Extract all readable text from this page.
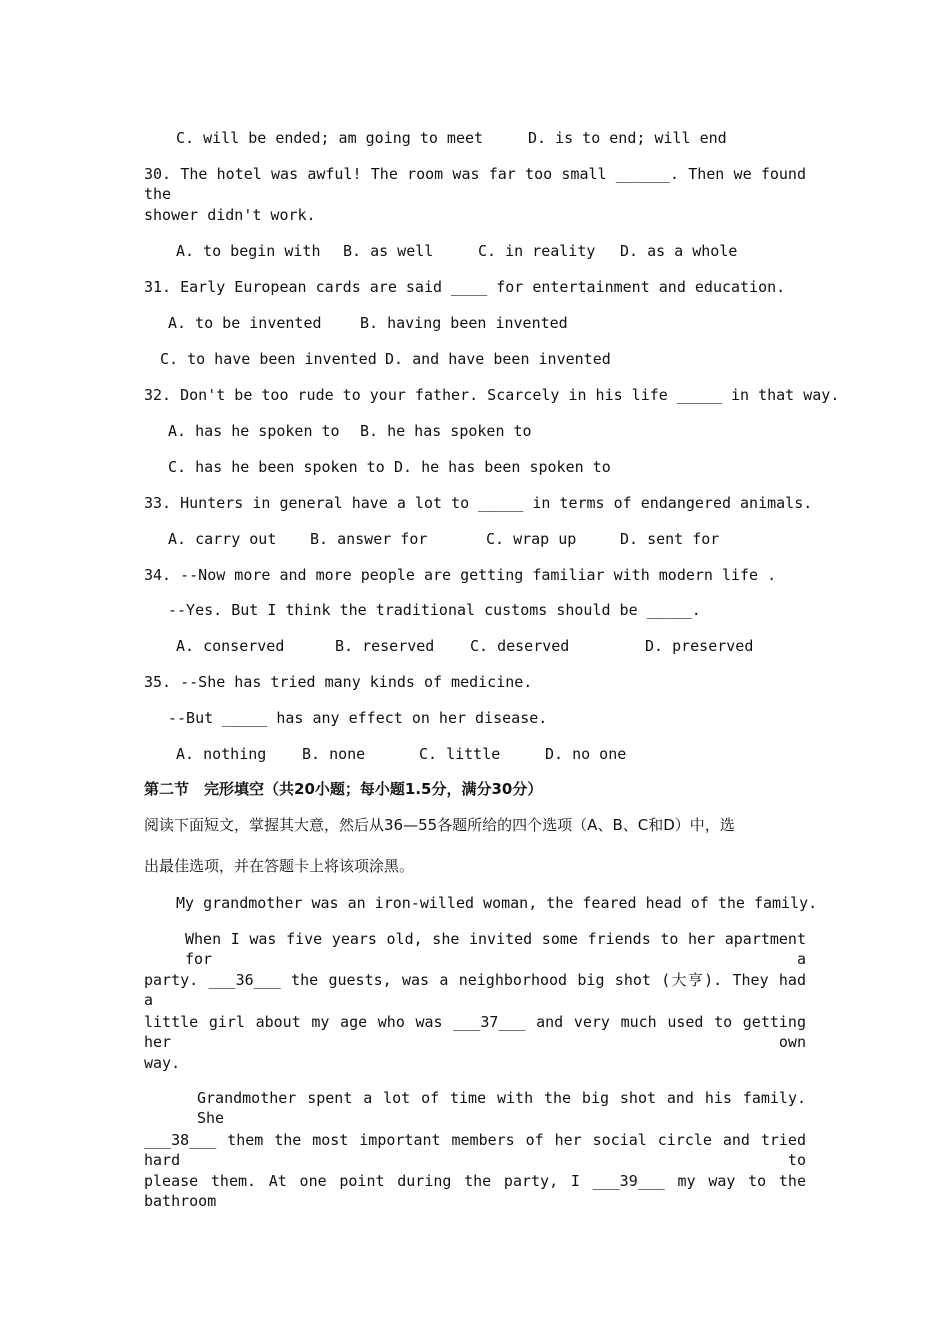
C. will be ended; am going to meet	D. is to end; will end
30. The hotel was awful! The room was far too small ______. Then we found the
shower didn't work.
A. to begin with B. as well	C. in reality D. as a whole
31. Early European cards are said ____ for entertainment and education.
A. to be invented	B. having been invented
C. to have been invented D. and have been invented
32. Don't be too rude to your father. Scarcely in his life _____ in that way.
A. has he spoken to B. he has spoken to
C. has he been spoken to D. he has been spoken to
33. Hunters in general have a lot to _____ in terms of endangered animals.
A. carry out B. answer for	C. wrap up	D. sent for
34. --Now more and more people are getting familiar with modern life .
--Yes. But I think the traditional customs should be _____.
A. conserved	B. reserved C. deserved	D. preserved
35. --She has tried many kinds of medicine.
--But _____ has any effect on her disease.
A. nothing B. none	C. little	D. no one
第二节　完形填空（共20小题；每小题1.5分，满分30分）
阅读下面短文，掌握其大意，然后从36—55各题所给的四个选项（A、B、C和D）中，选
出最佳选项，并在答题卡上将该项涂黑。
My grandmother was an iron-willed woman, the feared head of the family.
When I was five years old, she invited some friends to her apartment for a
party. ___36___ the guests, was a neighborhood big shot (大亨). They had a
little girl about my age who was ___37___ and very much used to getting her own
way.
Grandmother spent a lot of time with the big shot and his family. She
___38___ them the most important members of her social circle and tried hard to
please them. At one point during the party, I ___39___ my way to the bathroom
